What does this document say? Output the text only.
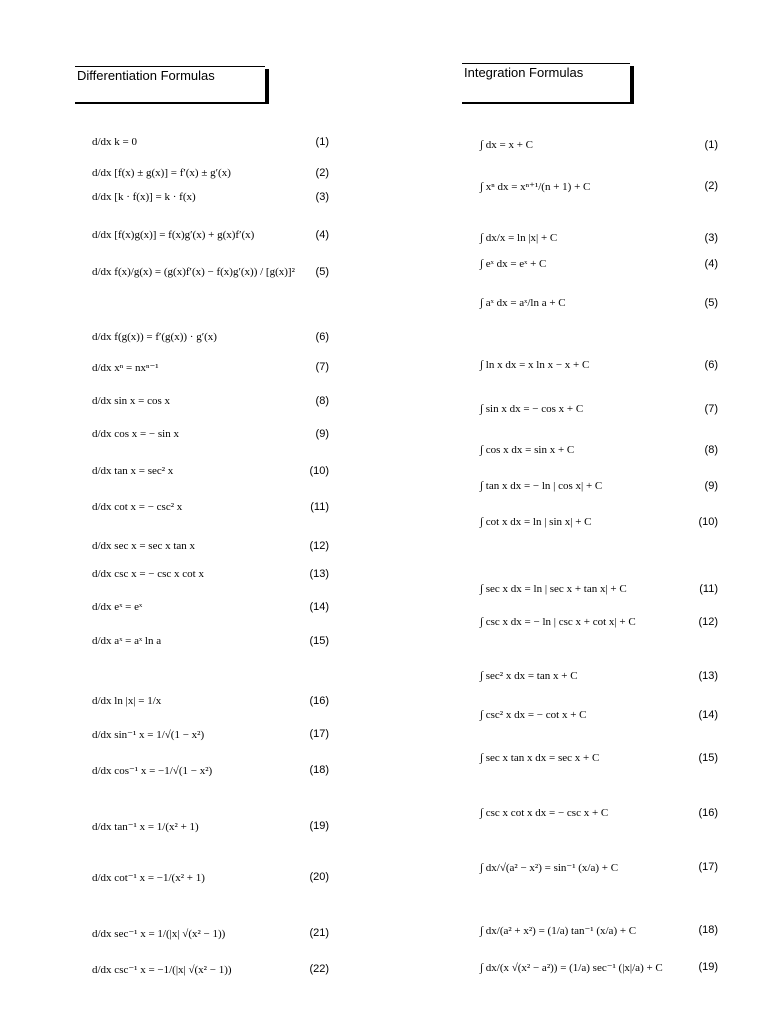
Differentiation Formulas	Integration Formulas
d/dx k = 0	(1)
d/dx [f(x) ± g(x)] = f′(x) ± g′(x)	(2)
d/dx [k · f(x)] = k · f(x)	(3)
d/dx [f(x)g(x)] = f(x)g′(x) + g(x)f′(x)	(4)
d/dx f(x)/g(x) = (g(x)f′(x) − f(x)g′(x)) / [g(x)]²	(5)
d/dx f(g(x)) = f′(g(x)) · g′(x)	(6)
d/dx xⁿ = nxⁿ⁻¹	(7)
d/dx sin x = cos x	(8)
d/dx cos x = − sin x	(9)
d/dx tan x = sec² x	(10)
d/dx cot x = − csc² x	(11)
d/dx sec x = sec x tan x	(12)
d/dx csc x = − csc x cot x	(13)
d/dx eˣ = eˣ	(14)
d/dx aˣ = aˣ ln a	(15)
d/dx ln |x| = 1/x	(16)
d/dx sin⁻¹ x = 1/√(1 − x²)	(17)
d/dx cos⁻¹ x = −1/√(1 − x²)	(18)
d/dx tan⁻¹ x = 1/(x² + 1)	(19)
d/dx cot⁻¹ x = −1/(x² + 1)	(20)
d/dx sec⁻¹ x = 1/(|x| √(x² − 1))	(21)
d/dx csc⁻¹ x = −1/(|x| √(x² − 1))	(22)
∫ dx = x + C	(1)
∫ xⁿ dx = xⁿ⁺¹/(n + 1) + C	(2)
∫ dx/x = ln |x| + C	(3)
∫ eˣ dx = eˣ + C	(4)
∫ aˣ dx = aˣ/ln a + C	(5)
∫ ln x dx = x ln x − x + C	(6)
∫ sin x dx = − cos x + C	(7)
∫ cos x dx = sin x + C	(8)
∫ tan x dx = − ln | cos x| + C	(9)
∫ cot x dx = ln | sin x| + C	(10)
∫ sec x dx = ln | sec x + tan x| + C	(11)
∫ csc x dx = − ln | csc x + cot x| + C	(12)
∫ sec² x dx = tan x + C	(13)
∫ csc² x dx = − cot x + C	(14)
∫ sec x tan x dx = sec x + C	(15)
∫ csc x cot x dx = − csc x + C	(16)
∫ dx/√(a² − x²) = sin⁻¹ (x/a) + C	(17)
∫ dx/(a² + x²) = (1/a) tan⁻¹ (x/a) + C	(18)
∫ dx/(x √(x² − a²)) = (1/a) sec⁻¹ (|x|/a) + C	(19)
